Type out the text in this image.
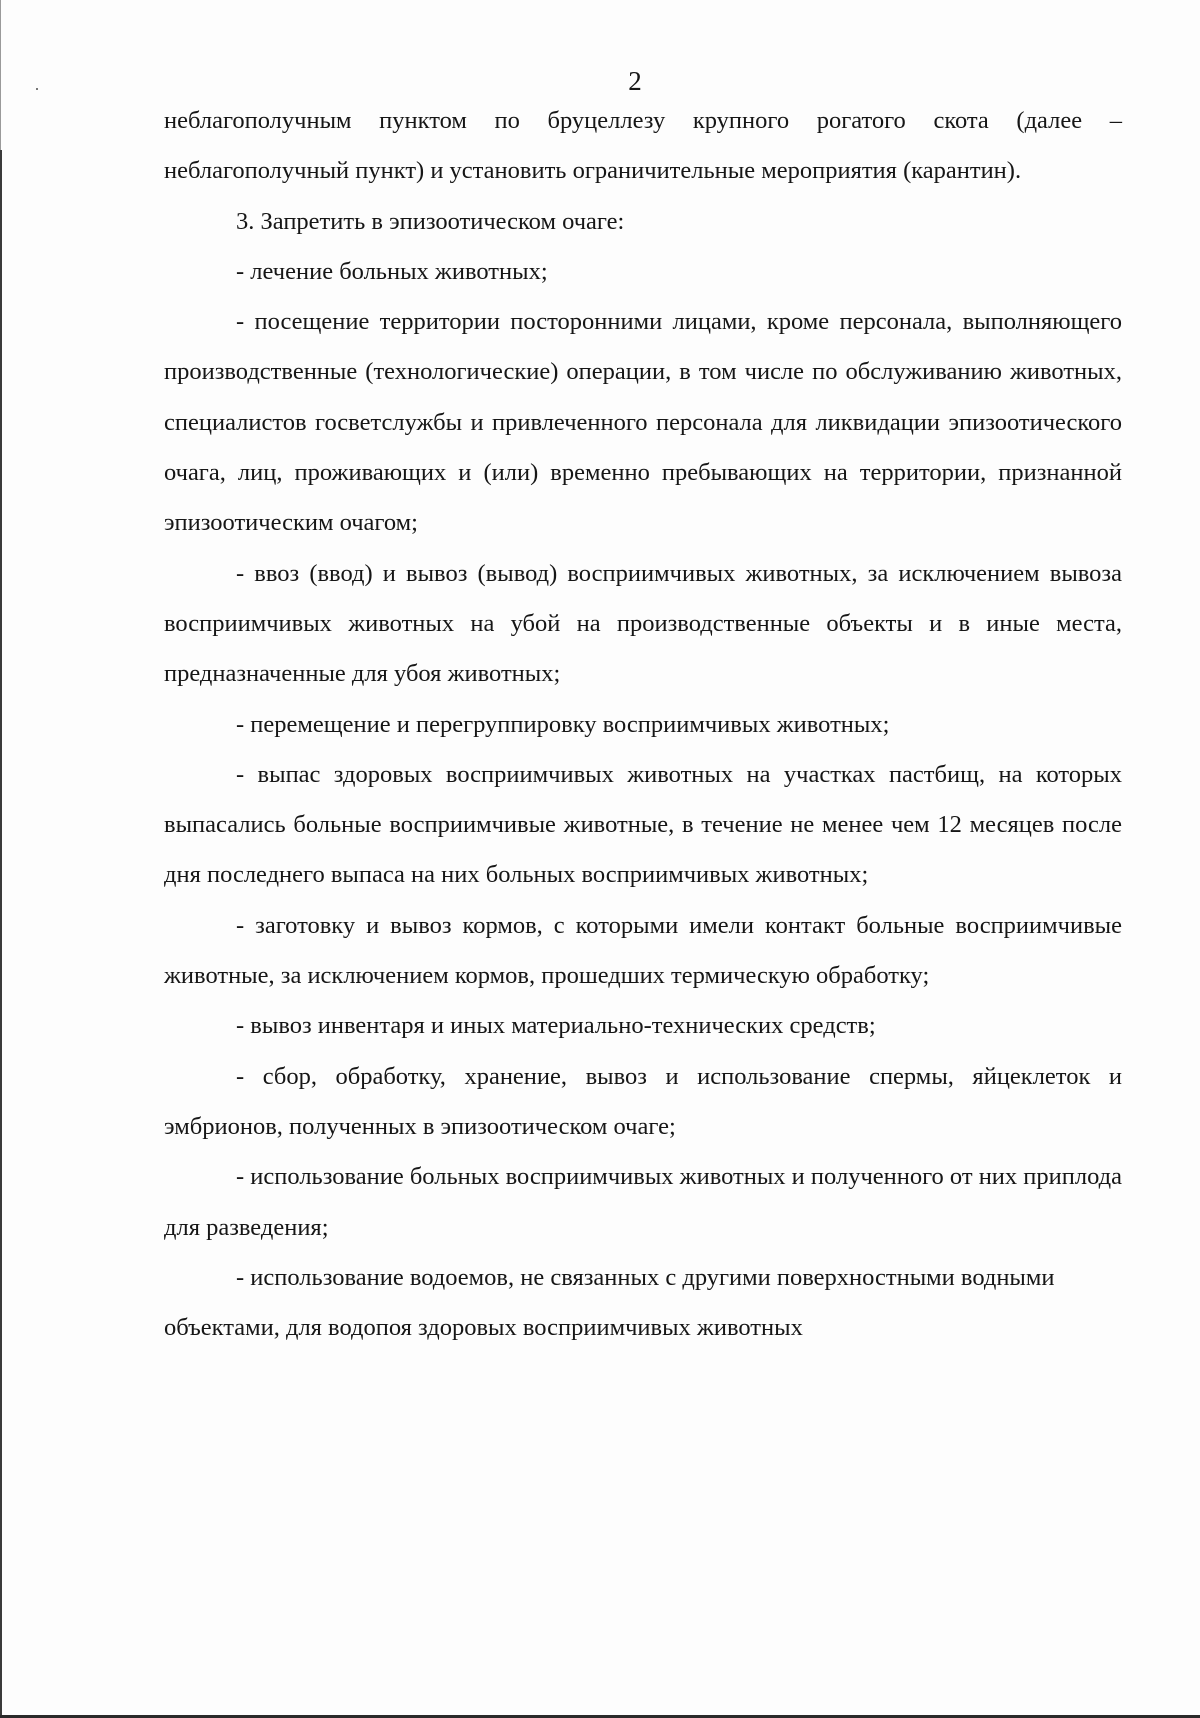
2

неблагополучным пунктом по бруцеллезу крупного рогатого скота (далее – неблагополучный пункт) и установить ограничительные мероприятия (карантин).

3. Запретить в эпизоотическом очаге:

- лечение больных животных;

- посещение территории посторонними лицами, кроме персонала, выполняющего производственные (технологические) операции, в том числе по обслуживанию животных, специалистов госветслужбы и привлеченного персонала для ликвидации эпизоотического очага, лиц, проживающих и (или) временно пребывающих на территории, признанной эпизоотическим очагом;

- ввоз (ввод) и вывоз (вывод) восприимчивых животных, за исключением вывоза восприимчивых животных на убой на производственные объекты и в иные места, предназначенные для убоя животных;

- перемещение и перегруппировку восприимчивых животных;

- выпас здоровых восприимчивых животных на участках пастбищ, на которых выпасались больные восприимчивые животные, в течение не менее чем 12 месяцев после дня последнего выпаса на них больных восприимчивых животных;

- заготовку и вывоз кормов, с которыми имели контакт больные восприимчивые животные, за исключением кормов, прошедших термическую обработку;

- вывоз инвентаря и иных материально-технических средств;

- сбор, обработку, хранение, вывоз и использование спермы, яйцеклеток и эмбрионов, полученных в эпизоотическом очаге;

- использование больных восприимчивых животных и полученного от них приплода для разведения;

- использование водоемов, не связанных с другими поверхностными водными объектами, для водопоя здоровых восприимчивых животных
